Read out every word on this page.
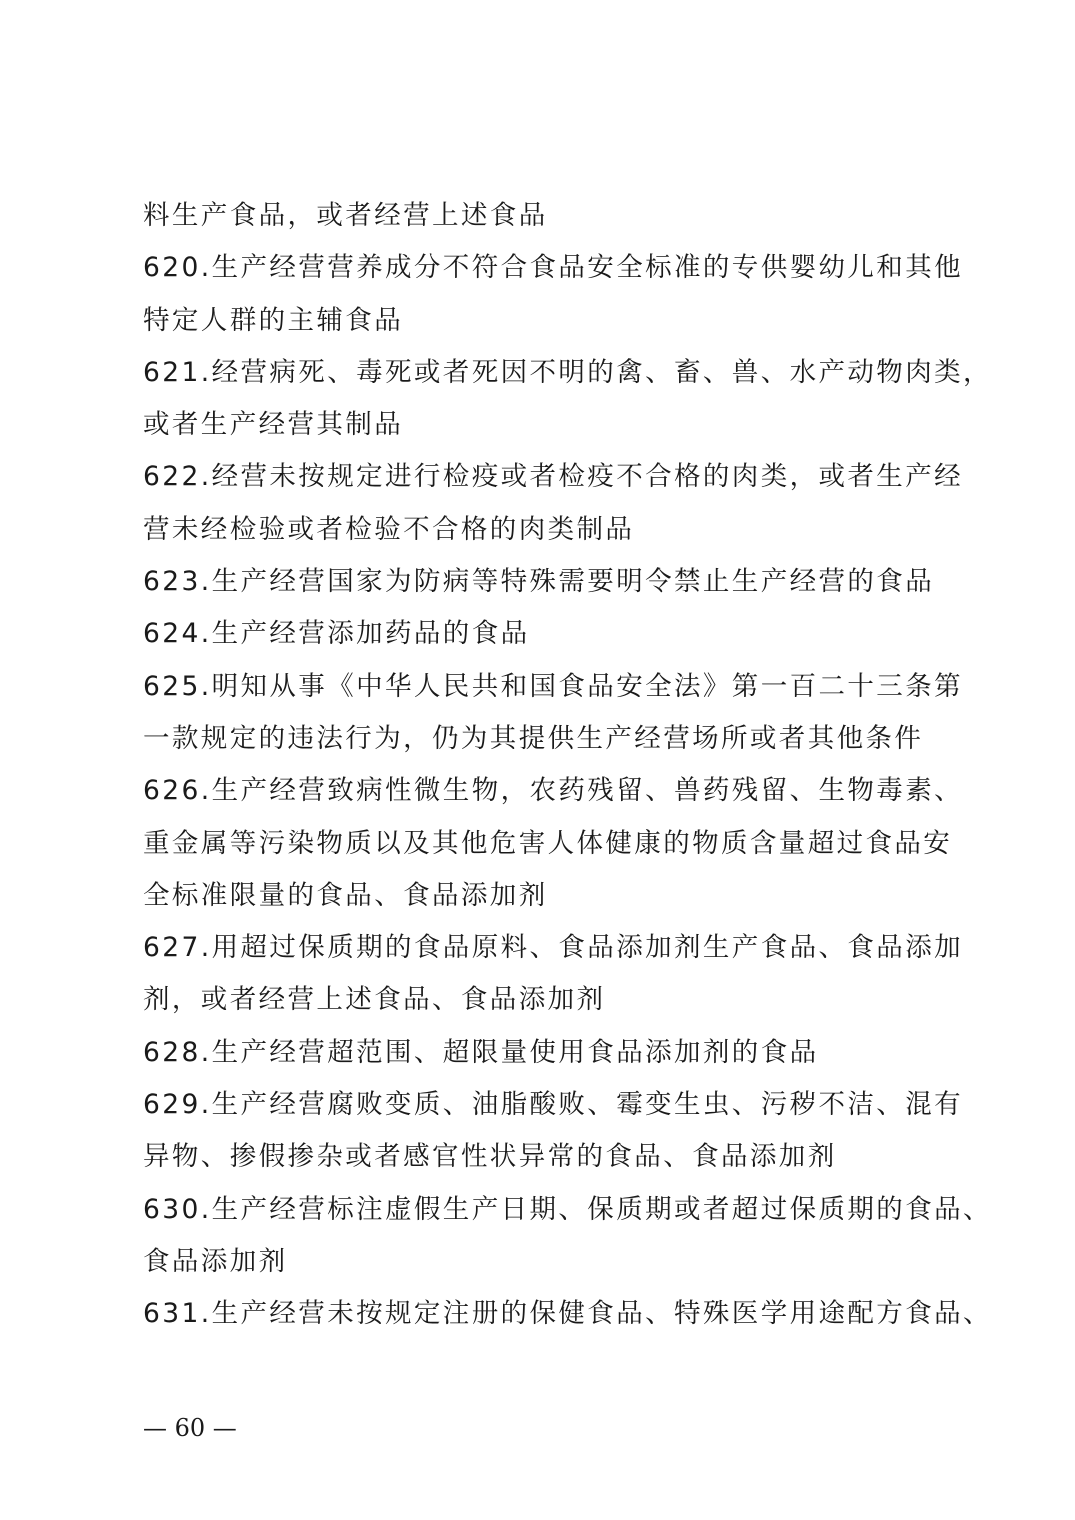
料生产食品，或者经营上述食品
620.生产经营营养成分不符合食品安全标准的专供婴幼儿和其他
特定人群的主辅食品
621.经营病死、毒死或者死因不明的禽、畜、兽、水产动物肉类，
或者生产经营其制品
622.经营未按规定进行检疫或者检疫不合格的肉类，或者生产经
营未经检验或者检验不合格的肉类制品
623.生产经营国家为防病等特殊需要明令禁止生产经营的食品
624.生产经营添加药品的食品
625.明知从事《中华人民共和国食品安全法》第一百二十三条第
一款规定的违法行为，仍为其提供生产经营场所或者其他条件
626.生产经营致病性微生物，农药残留、兽药残留、生物毒素、
重金属等污染物质以及其他危害人体健康的物质含量超过食品安
全标准限量的食品、食品添加剂
627.用超过保质期的食品原料、食品添加剂生产食品、食品添加
剂，或者经营上述食品、食品添加剂
628.生产经营超范围、超限量使用食品添加剂的食品
629.生产经营腐败变质、油脂酸败、霉变生虫、污秽不洁、混有
异物、掺假掺杂或者感官性状异常的食品、食品添加剂
630.生产经营标注虚假生产日期、保质期或者超过保质期的食品、
食品添加剂
631.生产经营未按规定注册的保健食品、特殊医学用途配方食品、
— 60 —
